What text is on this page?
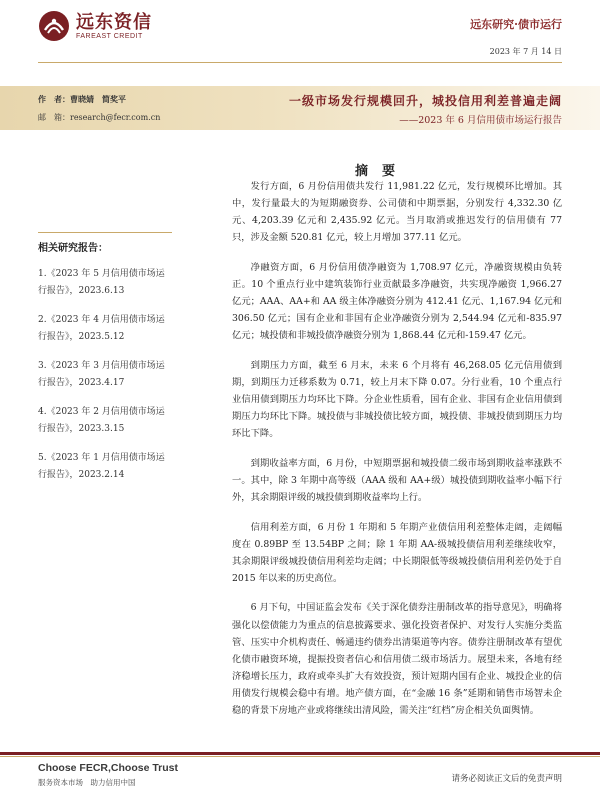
远东资信
FAREAST CREDIT
远东研究·债市运行
2023 年 7 月 14 日
作　者：曹晓婧　简奖平
邮　箱：research@fecr.com.cn
一级市场发行规模回升，城投信用利差普遍走阔
——2023 年 6 月信用债市场运行报告
相关研究报告：
1.《2023 年 5 月信用债市场运行报告》，2023.6.13
2.《2023 年 4 月信用债市场运行报告》，2023.5.12
3.《2023 年 3 月信用债市场运行报告》，2023.4.17
4.《2023 年 2 月信用债市场运行报告》，2023.3.15
5.《2023 年 1 月信用债市场运行报告》，2023.2.14
摘要

发行方面，6 月份信用债共发行 11,981.22 亿元，发行规模环比增加。其中，发行量最大的为短期融资券、公司债和中期票据，分别发行 4,332.30 亿元、4,203.39 亿元和 2,435.92 亿元。当月取消或推迟发行的信用债有 77 只，涉及金额 520.81 亿元，较上月增加 377.11 亿元。

净融资方面，6 月份信用债净融资为 1,708.97 亿元，净融资规模由负转正。10 个重点行业中建筑装饰行业贡献最多净融资，共实现净融资 1,966.27 亿元；AAA、AA+和 AA 级主体净融资分别为 412.41 亿元、1,167.94 亿元和 306.50 亿元；国有企业和非国有企业净融资分别为 2,544.94 亿元和-835.97 亿元；城投债和非城投债净融资分别为 1,868.44 亿元和-159.47 亿元。

到期压力方面，截至 6 月末，未来 6 个月将有 46,268.05 亿元信用债到期，到期压力迁移系数为 0.71，较上月末下降 0.07。分行业看，10 个重点行业信用债到期压力均环比下降。分企业性质看，国有企业、非国有企业信用债到期压力均环比下降。城投债与非城投债比较方面，城投债、非城投债到期压力均环比下降。

到期收益率方面，6 月份，中短期票据和城投债二级市场到期收益率涨跌不一。其中，除 3 年期中高等级（AAA 级和 AA+级）城投债到期收益率小幅下行外，其余期限评级的城投债到期收益率均上行。

信用利差方面，6 月份 1 年期和 5 年期产业债信用利差整体走阔，走阔幅度在 0.89BP 至 13.54BP 之间；除 1 年期 AA-级城投债信用利差继续收窄，其余期限评级城投债信用利差均走阔；中长期限低等级城投债信用利差仍处于自 2015 年以来的历史高位。

6 月下旬，中国证监会发布《关于深化债券注册制改革的指导意见》，明确将强化以偿债能力为重点的信息披露要求、强化投资者保护、对发行人实施分类监管、压实中介机构责任、畅通违约债券出清渠道等内容。债券注册制改革有望优化债市融资环境，提振投资者信心和信用债二级市场活力。展望未来，各地有经济稳增长压力，政府或牵头扩大有效投资，预计短期内国有企业、城投企业的信用债发行规模会稳中有增。地产债方面，在“金融 16 条”延期和销售市场智未企稳的背景下房地产业或将继续出清风险，需关注“红档”房企相关负面舆情。

Choose FECR,Choose Trust
服务资本市场　助力信用中国	请务必阅读正文后的免责声明
